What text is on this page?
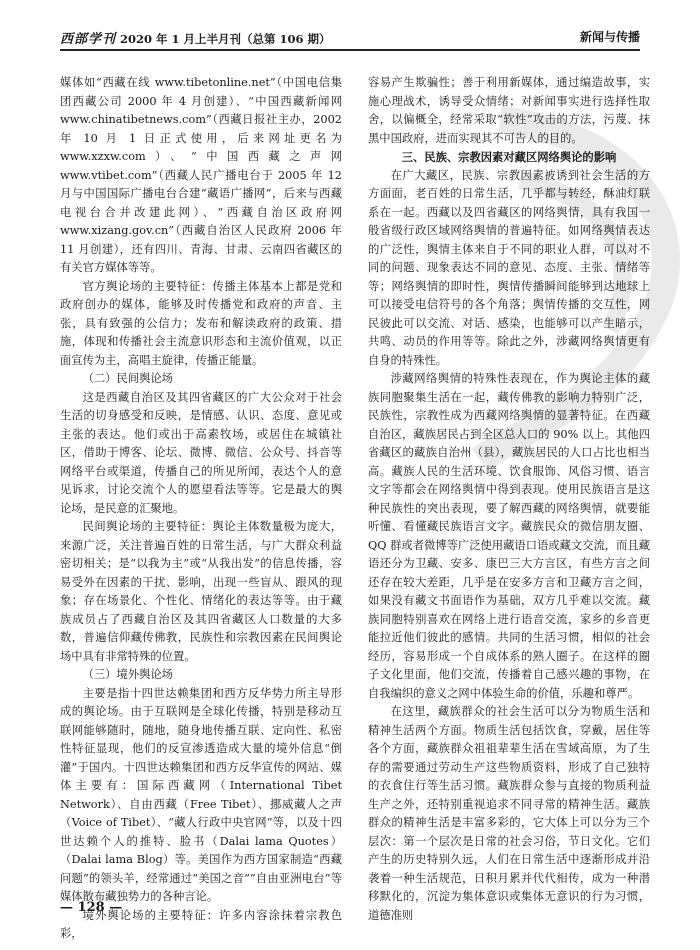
西部学刊 2020 年 1 月上半月刊（总第 106 期）	新闻与传播

媒体如“西藏在线 www.tibetonline.net”（中国电信集团西藏公司 2000 年 4 月创建）、“中国西藏新闻网 www.chinatibetnews.com”（西藏日报社主办，2002 年 10 月 1 日正式使用，后来网址更名为 www.xzxw.com）、“中国西藏之声网 www.vtibet.com”（西藏人民广播电台于 2005 年 12 月与中国国际广播电台合建“藏语广播网”，后来与西藏电视台合并改建此网）、“西藏自治区政府网 www.xizang.gov.cn”（西藏自治区人民政府 2006 年 11 月创建），还有四川、青海、甘肃、云南四省藏区的有关官方媒体等等。

官方舆论场的主要特征：传播主体基本上都是党和政府创办的媒体，能够及时传播党和政府的声音、主张，具有致强的公信力；发布和解读政府的政策、措施，体现和传播社会主流意识形态和主流价值观，以正面宣传为主，高唱主旋律，传播正能量。

（二）民间舆论场

这是西藏自治区及其四省藏区的广大公众对于社会生活的切身感受和反映，是情感、认识、态度、意见或主张的表达。他们或出于高素牧场，或居住在城镇社区，借助于博客、论坛、微博、微信、公众号、抖音等网络平台或渠道，传播自己的所见所闻，表达个人的意见诉求，讨论交流个人的愿望看法等等。它是最大的舆论场，是民意的汇聚地。

民间舆论场的主要特征：舆论主体数量极为庞大，来源广泛，关注普遍百姓的日常生活，与广大群众利益密切相关；是“以我为主”或“从我出发”的信息传播，容易受外在因素的干扰、影响，出现一些盲从、跟风的现象；存在场景化、个性化、情绪化的表达等等。由于藏族成员占了西藏自治区及其四省藏区人口数量的大多数，普遍信仰藏传佛教，民族性和宗教因素在民间舆论场中具有非常特殊的位置。

（三）境外舆论场

主要是指十四世达赖集团和西方反华势力所主导形成的舆论场。由于互联网是全球化传播，特别是移动互联网能够随时，随地，随身地传播互联、定向性、私密性特征显现，他们的反宣渗透造成大量的境外信息“倒灌”于国内。十四世达赖集团和西方反华宣传的网站、媒体主要有：国际西藏网（International Tibet Network）、自由西藏（Free Tibet）、挪威藏人之声（Voice of Tibet）、“藏人行政中央官网”等，以及十四世达赖个人的推特、脸书（Dalai lama Quotes）（Dalai lama Blog）等。美国作为西方国家制造“西藏问题”的领头羊，经常通过“美国之音”“自由亚洲电台”等媒体散布藏独势力的各种言论。

境外舆论场的主要特征：许多内容涂抹着宗教色彩，

容易产生欺骗性；善于利用新媒体，通过编造故事，实施心理战术，诱导受众情绪；对新闻事实进行选择性取舍，以偏概全，经常采取“软性”攻击的方法，污蔑、抹黑中国政府，进而实现其不可告人的目的。

三、民族、宗教因素对藏区网络舆论的影响

在广大藏区，民族、宗教因素被诱到社会生活的方方面面，老百姓的日常生活，几乎都与转经，酥油灯联系在一起。西藏以及四省藏区的网络舆情，具有我国一般省级行政区域网络舆情的普遍特征。如网络舆情表达的广泛性，舆情主体来自于不同的职业人群，可以对不同的问题、现象表达不同的意见、态度、主张、情绪等等；网络舆情的即时性，舆情传播瞬间能够到达地球上可以接受电信符号的各个角落；舆情传播的交互性，网民彼此可以交流、对话、感染，也能够可以产生暗示，共鸣、动员的作用等等。除此之外，涉藏网络舆情更有自身的特殊性。

涉藏网络舆情的特殊性表现在，作为舆论主体的藏族同胞聚集生活在一起，藏传佛教的影响力特别广泛，民族性，宗教性成为西藏网络舆情的显著特征。在西藏自治区，藏族居民占到全区总人口的 90% 以上。其他四省藏区的藏族自治州（县），藏族居民的人口占比也相当高。藏族人民的生活环境、饮食服饰、风俗习惯、语言文字等都会在网络舆情中得到表现。使用民族语言是这种民族性的突出表现，要了解西藏的网络舆情，就要能听懂、看懂藏民族语言文字。藏族民众的微信朋友圈、QQ 群或者微博等广泛使用藏语口语或藏文交流，而且藏语还分为卫藏、安多、康巴三大方言区，有些方言之间还存在较大差距，几乎是在安多方言和卫藏方言之间，如果没有藏文书面语作为基础，双方几乎难以交流。藏族同胞特别喜欢在网络上进行语音交流，家乡的乡音更能拉近他们彼此的感情。共同的生活习惯，相似的社会经历，容易形成一个自成体系的熟人圈子。在这样的圈子文化里面，他们交流，传播着自己感兴趣的事物，在自我编织的意义之网中体验生命的价值，乐趣和尊严。

在这里，藏族群众的社会生活可以分为物质生活和精神生活两个方面。物质生活包括饮食，穿戴，居住等各个方面，藏族群众祖祖辈辈生活在雪域高原，为了生存的需要通过劳动生产这些物质资料，形成了自己独特的衣食住行等生活习惯。藏族群众参与直接的物质利益生产之外，还特别重视追求不同寻常的精神生活。藏族群众的精神生活是丰富多彩的，它大体上可以分为三个层次：第一个层次是日常的社会习俗，节日文化。它们产生的历史特别久远，人们在日常生活中逐渐形成并沿袭着一种生活规范，日积月累并代代相传，成为一种潜移默化的，沉淀为集体意识或集体无意识的行为习惯，道德准则

— 128 —
